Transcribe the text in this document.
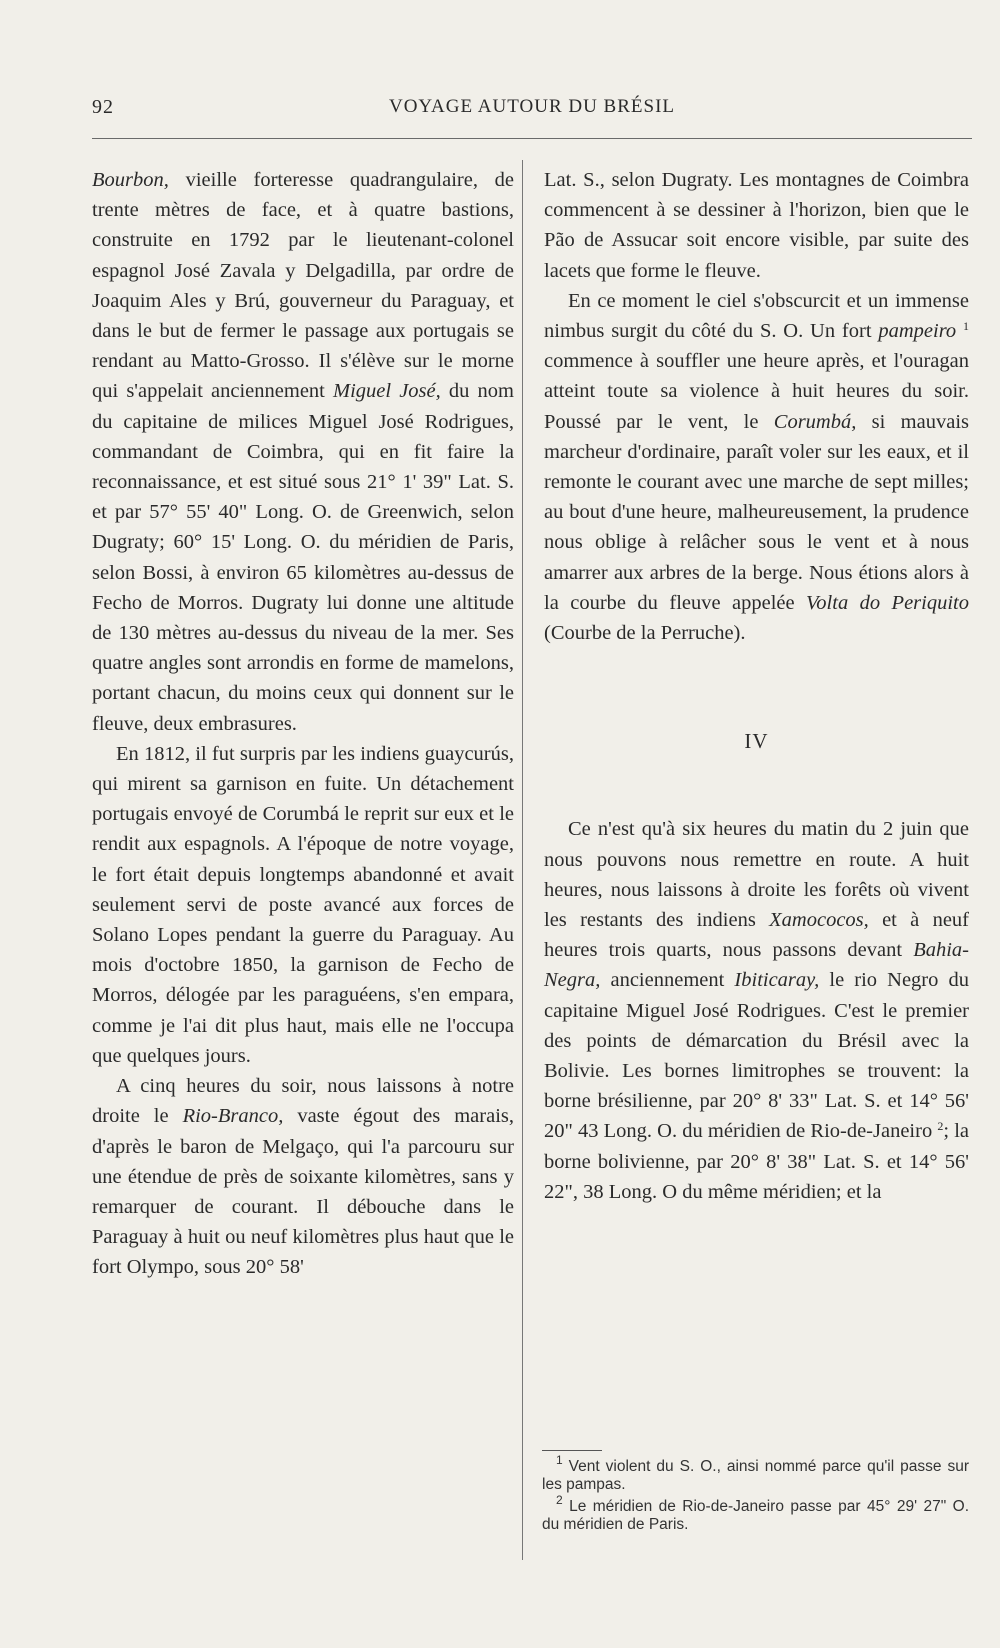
92	VOYAGE AUTOUR DU BRÉSIL

Bourbon, vieille forteresse quadrangulaire, de trente mètres de face, et à quatre bastions, construite en 1792 par le lieutenant-colonel espagnol José Zavala y Delgadilla, par ordre de Joaquim Ales y Brú, gouverneur du Paraguay, et dans le but de fermer le passage aux portugais se rendant au Matto-Grosso. Il s'élève sur le morne qui s'appelait anciennement Miguel José, du nom du capitaine de milices Miguel José Rodrigues, commandant de Coimbra, qui en fit faire la reconnaissance, et est situé sous 21° 1' 39" Lat. S. et par 57° 55' 40" Long. O. de Greenwich, selon Dugraty; 60° 15' Long. O. du méridien de Paris, selon Bossi, à environ 65 kilomètres au-dessus de Fecho de Morros. Dugraty lui donne une altitude de 130 mètres au-dessus du niveau de la mer. Ses quatre angles sont arrondis en forme de mamelons, portant chacun, du moins ceux qui donnent sur le fleuve, deux embrasures.

En 1812, il fut surpris par les indiens guaycurús, qui mirent sa garnison en fuite. Un détachement portugais envoyé de Corumbá le reprit sur eux et le rendit aux espagnols. A l'époque de notre voyage, le fort était depuis longtemps abandonné et avait seulement servi de poste avancé aux forces de Solano Lopes pendant la guerre du Paraguay. Au mois d'octobre 1850, la garnison de Fecho de Morros, délogée par les paraguéens, s'en empara, comme je l'ai dit plus haut, mais elle ne l'occupa que quelques jours.

A cinq heures du soir, nous laissons à notre droite le Rio-Branco, vaste égout des marais, d'après le baron de Melgaço, qui l'a parcouru sur une étendue de près de soixante kilomètres, sans y remarquer de courant. Il débouche dans le Paraguay à huit ou neuf kilomètres plus haut que le fort Olympo, sous 20° 58'

Lat. S., selon Dugraty. Les montagnes de Coimbra commencent à se dessiner à l'horizon, bien que le Pão de Assucar soit encore visible, par suite des lacets que forme le fleuve.

En ce moment le ciel s'obscurcit et un immense nimbus surgit du côté du S. O. Un fort pampeiro $^1$ commence à souffler une heure après, et l'ouragan atteint toute sa violence à huit heures du soir. Poussé par le vent, le Corumbá, si mauvais marcheur d'ordinaire, paraît voler sur les eaux, et il remonte le courant avec une marche de sept milles; au bout d'une heure, malheureusement, la prudence nous oblige à relâcher sous le vent et à nous amarrer aux arbres de la berge. Nous étions alors à la courbe du fleuve appelée Volta do Periquito (Courbe de la Perruche).

IV

Ce n'est qu'à six heures du matin du 2 juin que nous pouvons nous remettre en route. A huit heures, nous laissons à droite les forêts où vivent les restants des indiens Xamococos, et à neuf heures trois quarts, nous passons devant Bahia-Negra, anciennement Ibiticaray, le rio Negro du capitaine Miguel José Rodrigues. C'est le premier des points de démarcation du Brésil avec la Bolivie. Les bornes limitrophes se trouvent: la borne brésilienne, par 20° 8' 33" Lat. S. et 14° 56' 20" 43 Long. O. du méridien de Rio-de-Janeiro $^2$; la borne bolivienne, par 20° 8' 38" Lat. S. et 14° 56' 22", 38 Long. O du même méridien; et la

$^1$ Vent violent du S. O., ainsi nommé parce qu'il passe sur les pampas.

$^2$ Le méridien de Rio-de-Janeiro passe par 45° 29' 27" O. du méridien de Paris.
